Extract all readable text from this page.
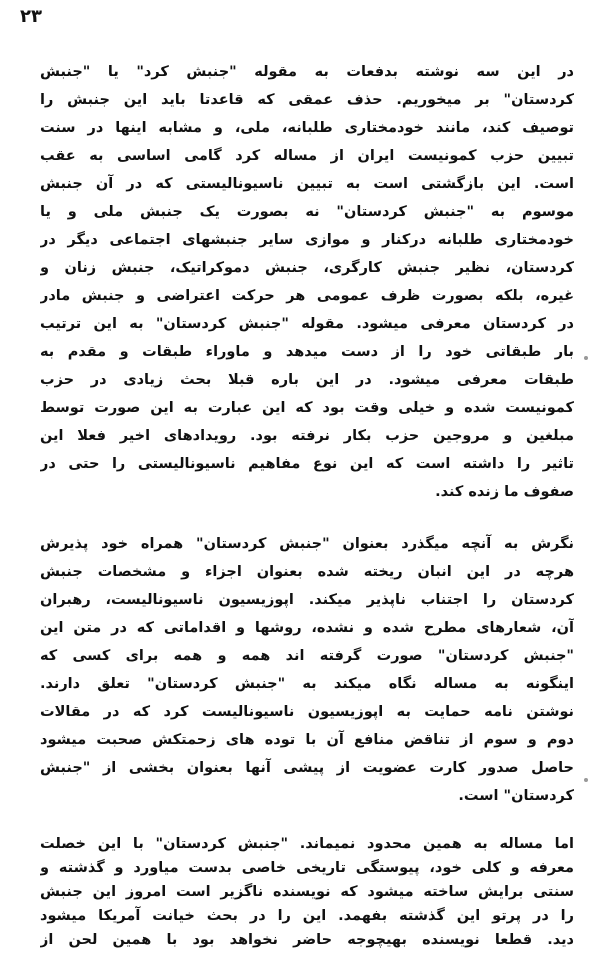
٢٣
در این سه نوشته بدفعات به مقوله "جنبش کرد" یا "جنبش
کردستان" بر میخوریم. حذف عمقی که قاعدتا باید این جنبش را
توصیف کند، مانند خودمختاری طلبانه، ملی، و مشابه اینها در سنت
تبیین حزب کمونیست ایران از مساله کرد گامی اساسی به عقب
است. این بازگشتی است به تبیین ناسیونالیستی که در آن جنبش
موسوم به "جنبش کردستان" نه بصورت یک جنبش ملی و یا
خودمختاری طلبانه درکنار و موازی سایر جنبشهای اجتماعی دیگر در
کردستان، نظیر جنبش کارگری، جنبش دموکراتیک، جنبش زنان و
غیره، بلکه بصورت ظرف عمومی هر حرکت اعتراضی و جنبش مادر
در کردستان معرفی میشود. مقوله "جنبش کردستان" به این ترتیب
بار طبقاتی خود را از دست میدهد و ماوراء طبقات و مقدم به
طبقات معرفی میشود. در این باره قبلا بحث زیادی در حزب
کمونیست شده و خیلی وقت بود که این عبارت به این صورت توسط
مبلغین و مروجین حزب بکار نرفته بود. رویدادهای اخیر فعلا این
تاثیر را داشته است که این نوع مفاهیم ناسیونالیستی را حتی در
صفوف ما زنده کند.
نگرش به آنچه میگذرد بعنوان "جنبش کردستان" همراه خود پذیرش
هرچه در این انبان ریخته شده بعنوان اجزاء و مشخصات جنبش
کردستان را اجتناب ناپذیر میکند. اپوزیسیون ناسیونالیست، رهبران
آن، شعارهای مطرح شده و نشده، روشها و اقداماتی که در متن این
"جنبش کردستان" صورت گرفته اند همه و همه برای کسی که
اینگونه به مساله نگاه میکند به "جنبش کردستان" تعلق دارند.
نوشتن نامه حمایت به اپوزیسیون ناسیونالیست کرد که در مقالات
دوم و سوم از تناقض منافع آن با توده های زحمتکش صحبت میشود
حاصل صدور کارت عضویت از پیشی آنها بعنوان بخشی از "جنبش
کردستان" است.
اما مساله به همین محدود نمیماند. "جنبش کردستان" با این خصلت
معرفه و کلی خود، پیوستگی تاریخی خاصی بدست میاورد و گذشته و
سنتی برایش ساخته میشود که نویسنده ناگزیر است امروز این جنبش
را در پرتو این گذشته بفهمد. این را در بحث خیانت آمریکا میشود
دید. قطعا نویسنده بهیچوجه حاضر نخواهد بود با همین لحن از
